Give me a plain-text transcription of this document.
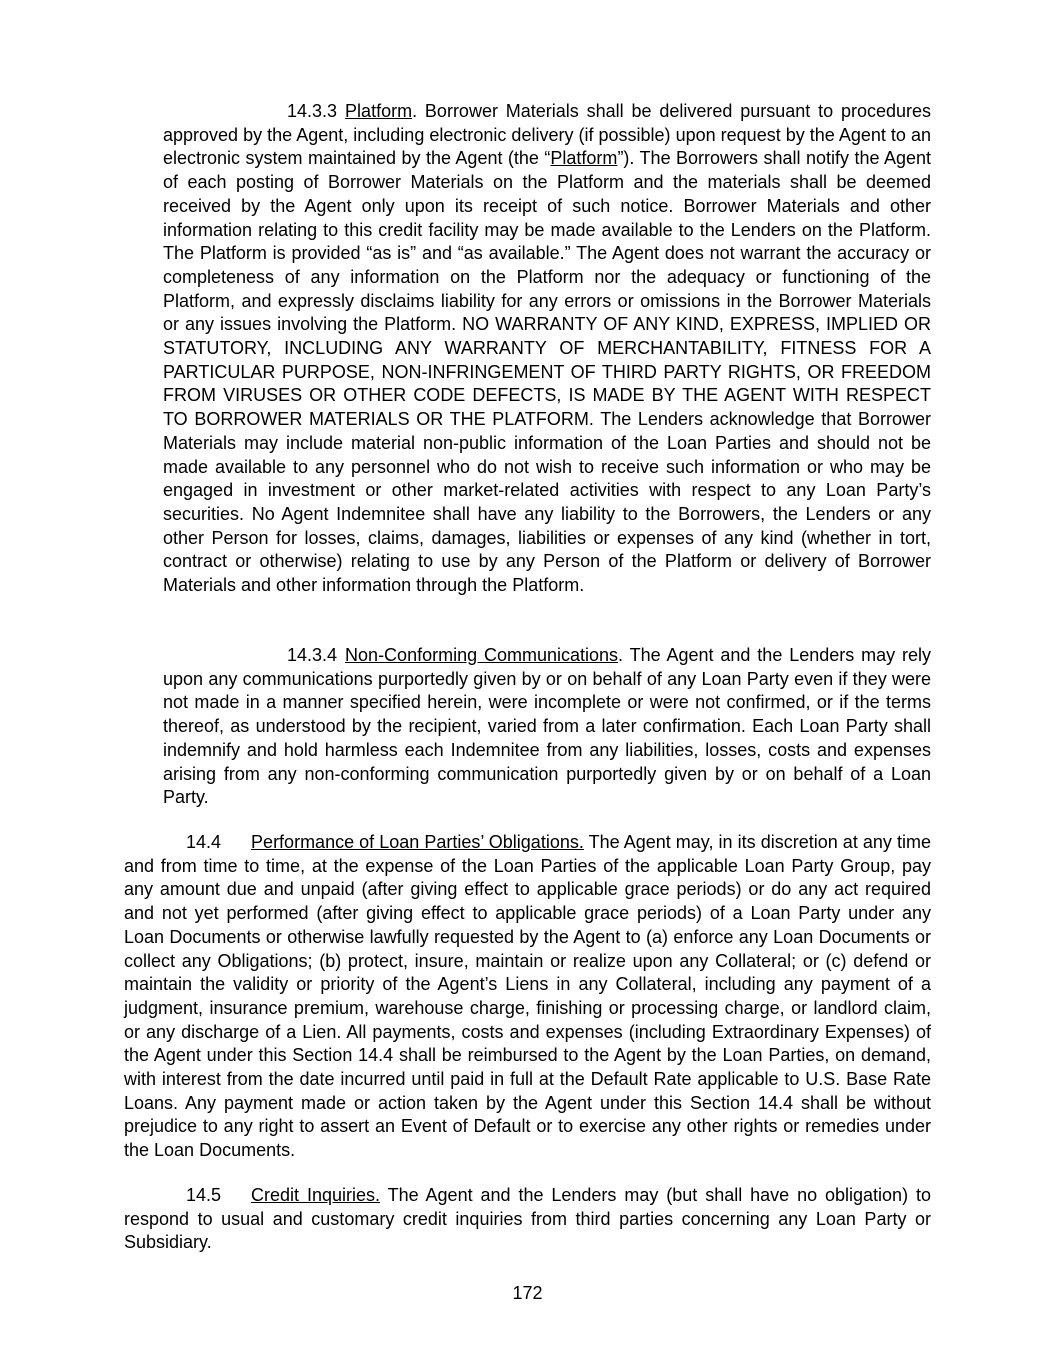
14.3.3 Platform. Borrower Materials shall be delivered pursuant to procedures approved by the Agent, including electronic delivery (if possible) upon request by the Agent to an electronic system maintained by the Agent (the “Platform”). The Borrowers shall notify the Agent of each posting of Borrower Materials on the Platform and the materials shall be deemed received by the Agent only upon its receipt of such notice. Borrower Materials and other information relating to this credit facility may be made available to the Lenders on the Platform. The Platform is provided “as is” and “as available.” The Agent does not warrant the accuracy or completeness of any information on the Platform nor the adequacy or functioning of the Platform, and expressly disclaims liability for any errors or omissions in the Borrower Materials or any issues involving the Platform. NO WARRANTY OF ANY KIND, EXPRESS, IMPLIED OR STATUTORY, INCLUDING ANY WARRANTY OF MERCHANTABILITY, FITNESS FOR A PARTICULAR PURPOSE, NON-INFRINGEMENT OF THIRD PARTY RIGHTS, OR FREEDOM FROM VIRUSES OR OTHER CODE DEFECTS, IS MADE BY THE AGENT WITH RESPECT TO BORROWER MATERIALS OR THE PLATFORM. The Lenders acknowledge that Borrower Materials may include material non-public information of the Loan Parties and should not be made available to any personnel who do not wish to receive such information or who may be engaged in investment or other market-related activities with respect to any Loan Party’s securities. No Agent Indemnitee shall have any liability to the Borrowers, the Lenders or any other Person for losses, claims, damages, liabilities or expenses of any kind (whether in tort, contract or otherwise) relating to use by any Person of the Platform or delivery of Borrower Materials and other information through the Platform.

14.3.4 Non-Conforming Communications. The Agent and the Lenders may rely upon any communications purportedly given by or on behalf of any Loan Party even if they were not made in a manner specified herein, were incomplete or were not confirmed, or if the terms thereof, as understood by the recipient, varied from a later confirmation. Each Loan Party shall indemnify and hold harmless each Indemnitee from any liabilities, losses, costs and expenses arising from any non-conforming communication purportedly given by or on behalf of a Loan Party.

14.4 Performance of Loan Parties’ Obligations. The Agent may, in its discretion at any time and from time to time, at the expense of the Loan Parties of the applicable Loan Party Group, pay any amount due and unpaid (after giving effect to applicable grace periods) or do any act required and not yet performed (after giving effect to applicable grace periods) of a Loan Party under any Loan Documents or otherwise lawfully requested by the Agent to (a) enforce any Loan Documents or collect any Obligations; (b) protect, insure, maintain or realize upon any Collateral; or (c) defend or maintain the validity or priority of the Agent’s Liens in any Collateral, including any payment of a judgment, insurance premium, warehouse charge, finishing or processing charge, or landlord claim, or any discharge of a Lien. All payments, costs and expenses (including Extraordinary Expenses) of the Agent under this Section 14.4 shall be reimbursed to the Agent by the Loan Parties, on demand, with interest from the date incurred until paid in full at the Default Rate applicable to U.S. Base Rate Loans. Any payment made or action taken by the Agent under this Section 14.4 shall be without prejudice to any right to assert an Event of Default or to exercise any other rights or remedies under the Loan Documents.

14.5 Credit Inquiries. The Agent and the Lenders may (but shall have no obligation) to respond to usual and customary credit inquiries from third parties concerning any Loan Party or Subsidiary.

172
